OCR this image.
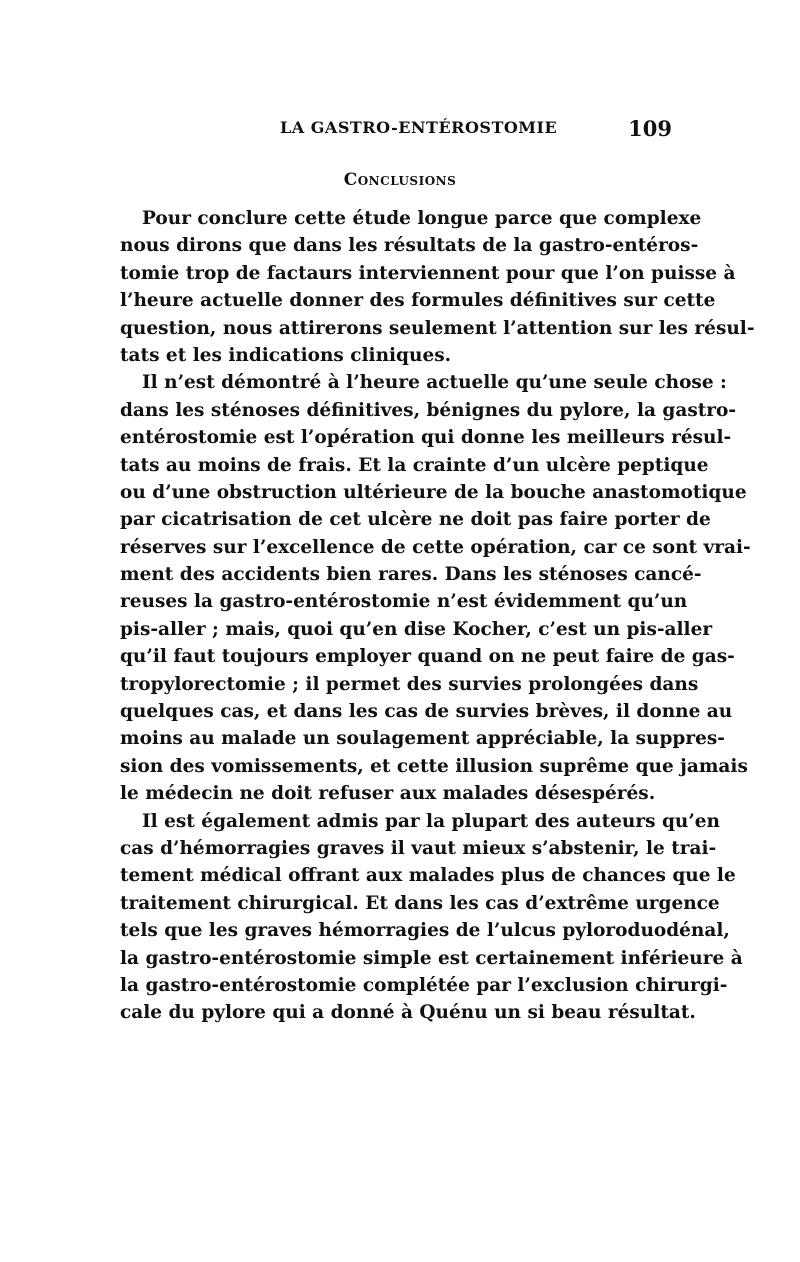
LA GASTRO-ENTÉROSTOMIE	109
Conclusions
Pour conclure cette étude longue parce que complexe
nous dirons que dans les résultats de la gastro-entéros-
tomie trop de factaurs interviennent pour que l’on puisse à
l’heure actuelle donner des formules définitives sur cette
question, nous attirerons seulement l’attention sur les résul-
tats et les indications cliniques.
Il n’est démontré à l’heure actuelle qu’une seule chose :
dans les sténoses définitives, bénignes du pylore, la gastro-
entérostomie est l’opération qui donne les meilleurs résul-
tats au moins de frais. Et la crainte d’un ulcère peptique
ou d’une obstruction ultérieure de la bouche anastomotique
par cicatrisation de cet ulcère ne doit pas faire porter de
réserves sur l’excellence de cette opération, car ce sont vrai-
ment des accidents bien rares. Dans les sténoses cancé-
reuses la gastro-entérostomie n’est évidemment qu’un
pis-aller ; mais, quoi qu’en dise Kocher, c’est un pis-aller
qu’il faut toujours employer quand on ne peut faire de gas-
tropylorectomie ; il permet des survies prolongées dans
quelques cas, et dans les cas de survies brèves, il donne au
moins au malade un soulagement appréciable, la suppres-
sion des vomissements, et cette illusion suprême que jamais
le médecin ne doit refuser aux malades désespérés.
Il est également admis par la plupart des auteurs qu’en
cas d’hémorragies graves il vaut mieux s’abstenir, le trai-
tement médical offrant aux malades plus de chances que le
traitement chirurgical. Et dans les cas d’extrême urgence
tels que les graves hémorragies de l’ulcus pyloroduodénal,
la gastro-entérostomie simple est certainement inférieure à
la gastro-entérostomie complétée par l’exclusion chirurgi-
cale du pylore qui a donné à Quénu un si beau résultat.
